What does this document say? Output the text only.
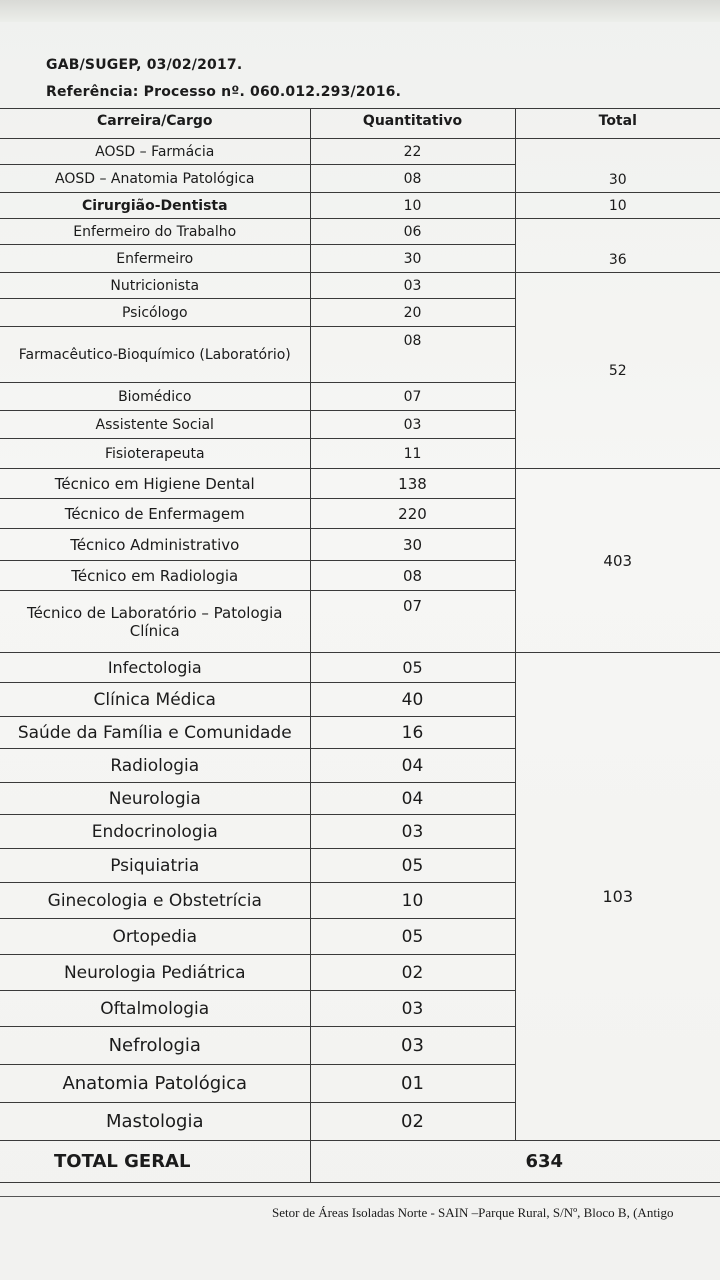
GAB/SUGEP, 03/02/2017.
Referência: Processo nº. 060.012.293/2016.
Carreira/Cargo	Quantitativo	Total
AOSD – Farmácia	22	30
AOSD – Anatomia Patológica	08	
Cirurgião-Dentista	10	10
Enfermeiro do Trabalho	06	36
Enfermeiro	30	
Nutricionista	03	52
Psicólogo	20	
Farmacêutico-Bioquímico (Laboratório)	08	
Biomédico	07	
Assistente Social	03	
Fisioterapeuta	11	
Técnico em Higiene Dental	138	403
Técnico de Enfermagem	220	
Técnico Administrativo	30	
Técnico em Radiologia	08	
Técnico de Laboratório – Patologia Clínica	07	
Infectologia	05	103
Clínica Médica	40	
Saúde da Família e Comunidade	16	
Radiologia	04	
Neurologia	04	
Endocrinologia	03	
Psiquiatria	05	
Ginecologia e Obstetrícia	10	
Ortopedia	05	
Neurologia Pediátrica	02	
Oftalmologia	03	
Nefrologia	03	
Anatomia Patológica	01	
Mastologia	02	
TOTAL GERAL	634	
Setor de Áreas Isoladas Norte - SAIN –Parque Rural, S/Nº, Bloco B, (Antigo
